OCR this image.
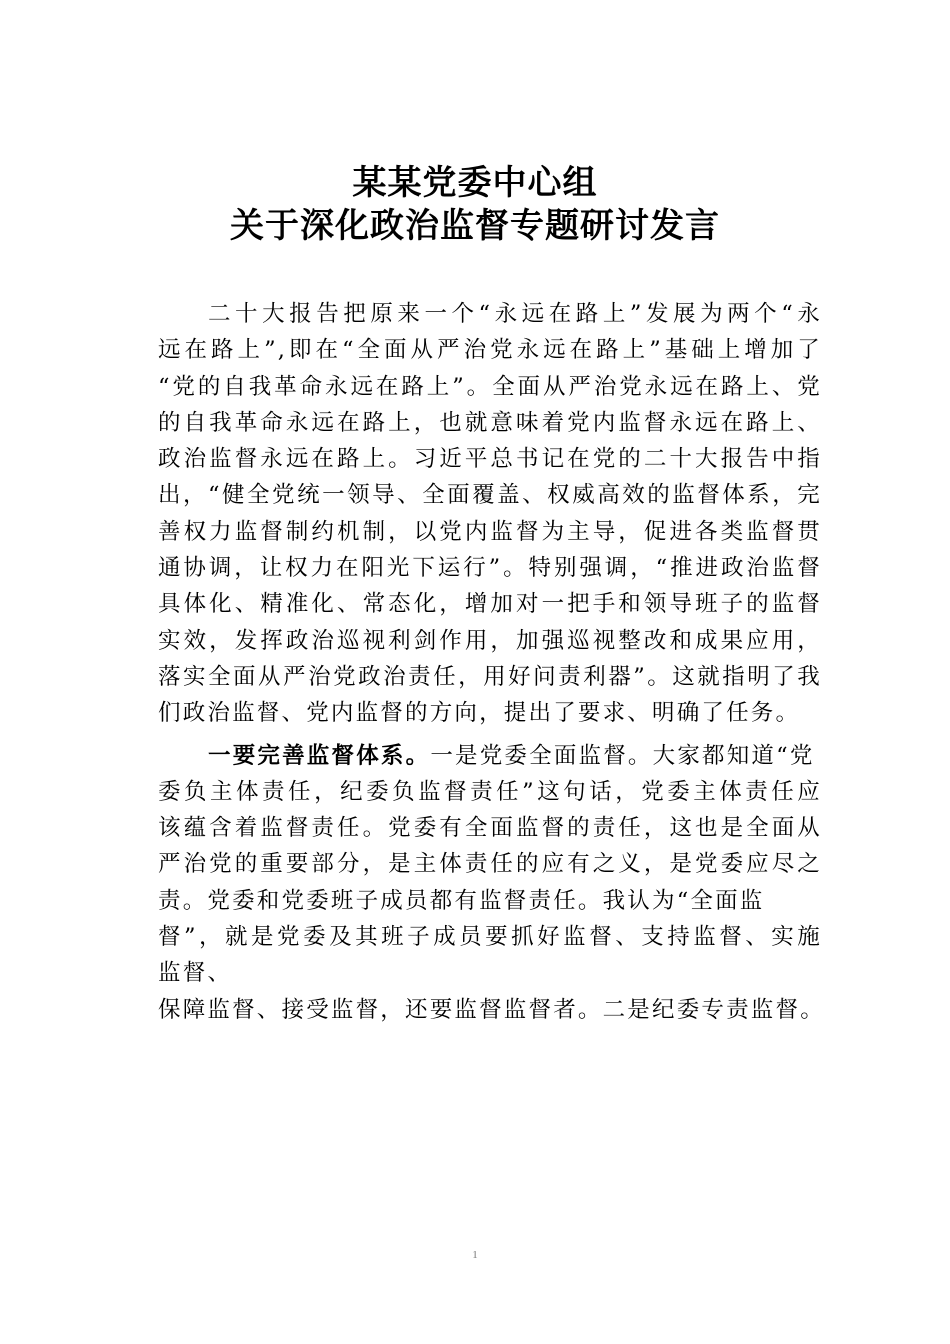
某某党委中心组
关于深化政治监督专题研讨发言
二十大报告把原来一个“永远在路上”发展为两个“永
远在路上”,即在“全面从严治党永远在路上”基础上增加了
“党的自我革命永远在路上”。全面从严治党永远在路上、党
的自我革命永远在路上，也就意味着党内监督永远在路上、
政治监督永远在路上。习近平总书记在党的二十大报告中指
出，“健全党统一领导、全面覆盖、权威高效的监督体系，完
善权力监督制约机制，以党内监督为主导，促进各类监督贯
通协调，让权力在阳光下运行”。特别强调，“推进政治监督
具体化、精准化、常态化，增加对一把手和领导班子的监督
实效，发挥政治巡视利剑作用，加强巡视整改和成果应用，
落实全面从严治党政治责任，用好问责利器”。这就指明了我
们政治监督、党内监督的方向，提出了要求、明确了任务。
一要完善监督体系。一是党委全面监督。大家都知道“党
委负主体责任，纪委负监督责任”这句话，党委主体责任应
该蕴含着监督责任。党委有全面监督的责任，这也是全面从
严治党的重要部分，是主体责任的应有之义，是党委应尽之
责。党委和党委班子成员都有监督责任。我认为“全面监
督”，就是党委及其班子成员要抓好监督、支持监督、实施
监督、
保障监督、接受监督，还要监督监督者。二是纪委专责监督。
1
